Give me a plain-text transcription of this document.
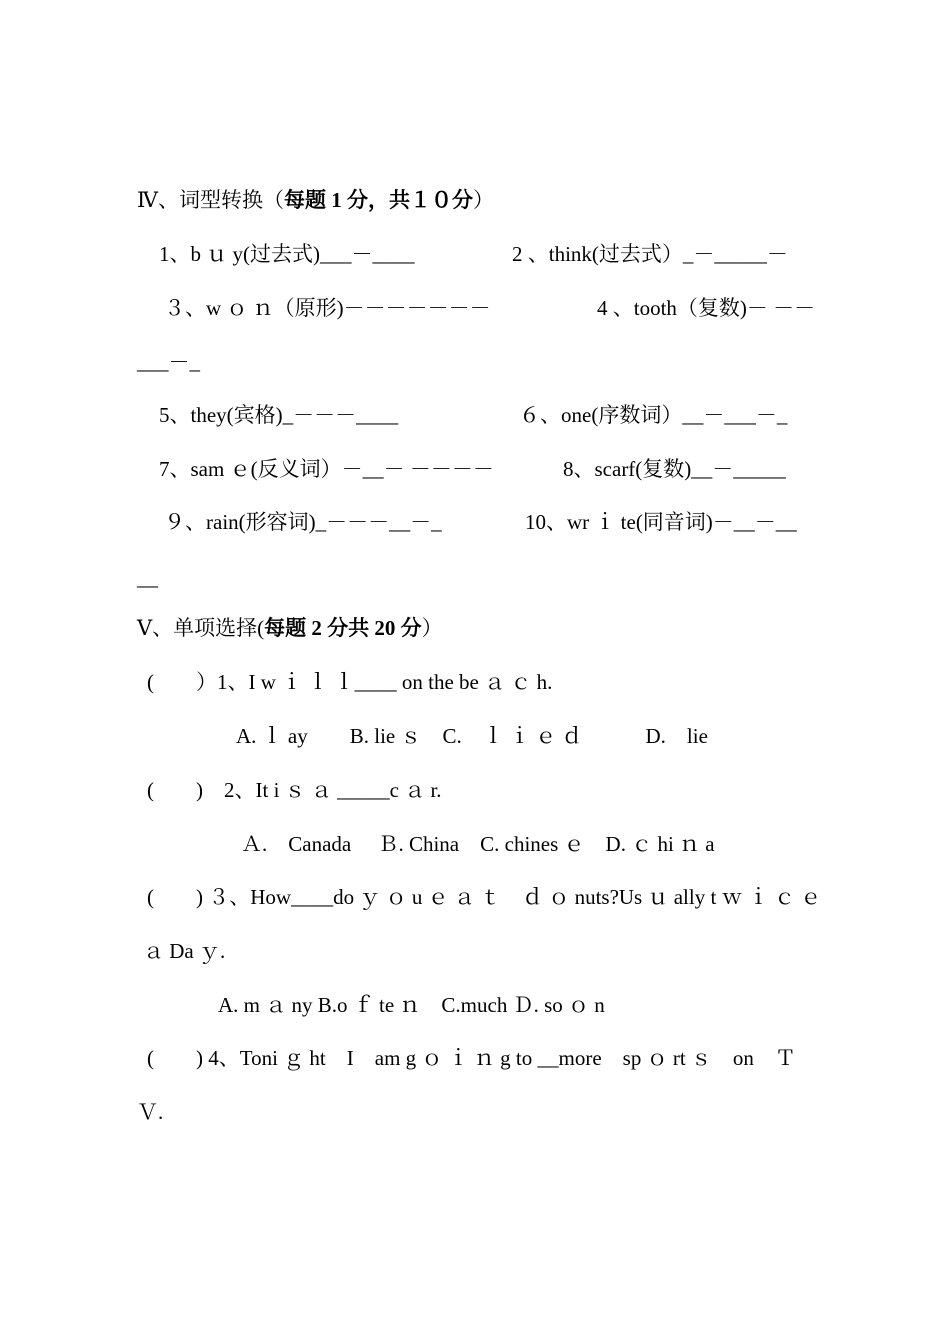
Ⅳ、词型转换（每题 1 分，共１０分）
1、b ｕ y(过去式)___－____	2 、think(过去式）_－_____－
３、w ｏ ｎ（原形)－－－－－－－	4 、tooth（复数)－ －－
___－_
5、they(宾格)_－－－____	６、one(序数词）__－___－_
7、sam ｅ(反义词）－__－ －－－－	8、scarf(复数)__－_____
９、rain(形容词)_－－－__－_	10、wr ｉ te(同音词)－__－__
__
Ⅴ、单项选择(每题 2 分共 20 分）
(　　）1、I w ｉ ｌ ｌ____ on the be ａ ｃ h.
A. ｌ ay　　B. lie ｓ　C.　ｌ ｉ ｅ ｄ　　　D.　lie
(　　)　2、It i ｓ ａ _____c ａ r.
Ａ.　Canada　 Ｂ. China　C. chines ｅ　D. ｃ hi ｎ a
(　　) ３、How____do ｙ ｏ u ｅ ａ ｔ　ｄ ｏ nuts?Us ｕ ally t ｗ ｉ ｃ ｅ
ａ Da ｙ.
A. m ａ ny B.o ｆ te ｎ　C.much Ｄ. so ｏ n
(　　) 4、Toni ｇ ht　I　am g ｏ ｉ ｎ g to __more　sp ｏ rt ｓ　on　Ｔ
Ｖ.
